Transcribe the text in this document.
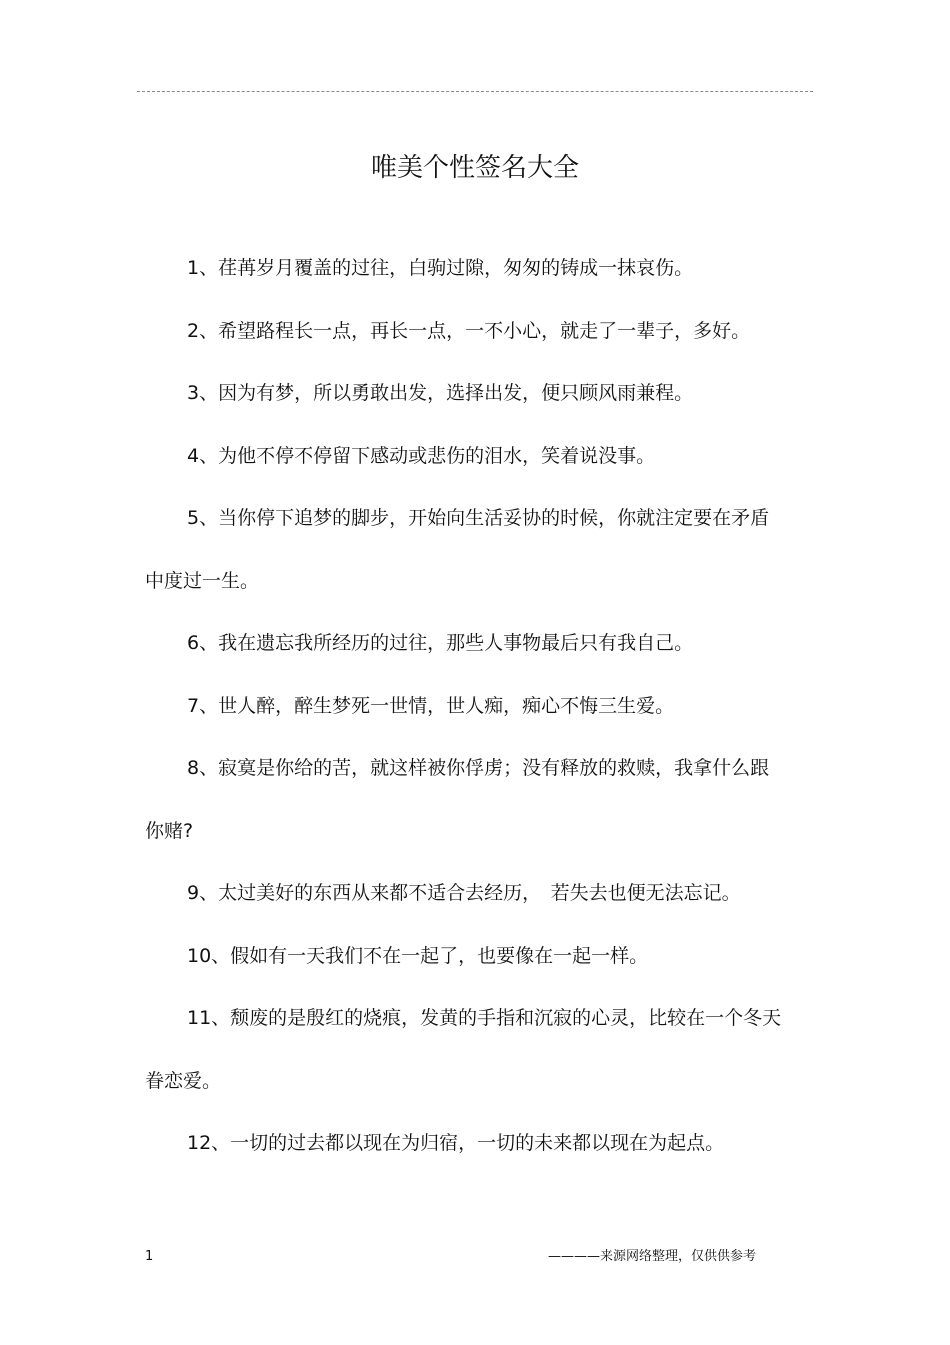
唯美个性签名大全

1、荏苒岁月覆盖的过往，白驹过隙，匆匆的铸成一抹哀伤。

2、希望路程长一点，再长一点，一不小心，就走了一辈子，多好。

3、因为有梦，所以勇敢出发，选择出发，便只顾风雨兼程。

4、为他不停不停留下感动或悲伤的泪水，笑着说没事。

5、当你停下追梦的脚步，开始向生活妥协的时候，你就注定要在矛盾中度过一生。

6、我在遗忘我所经历的过往，那些人事物最后只有我自己。

7、世人醉，醉生梦死一世情，世人痴，痴心不悔三生爱。

8、寂寞是你给的苦，就这样被你俘虏；没有释放的救赎，我拿什么跟你赌?

9、太过美好的东西从来都不适合去经历，　若失去也便无法忘记。

10、假如有一天我们不在一起了，也要像在一起一样。

11、颓废的是殷红的烧痕，发黄的手指和沉寂的心灵，比较在一个冬天眷恋爱。

12、一切的过去都以现在为归宿，一切的未来都以现在为起点。

1	————来源网络整理，仅供供参考
